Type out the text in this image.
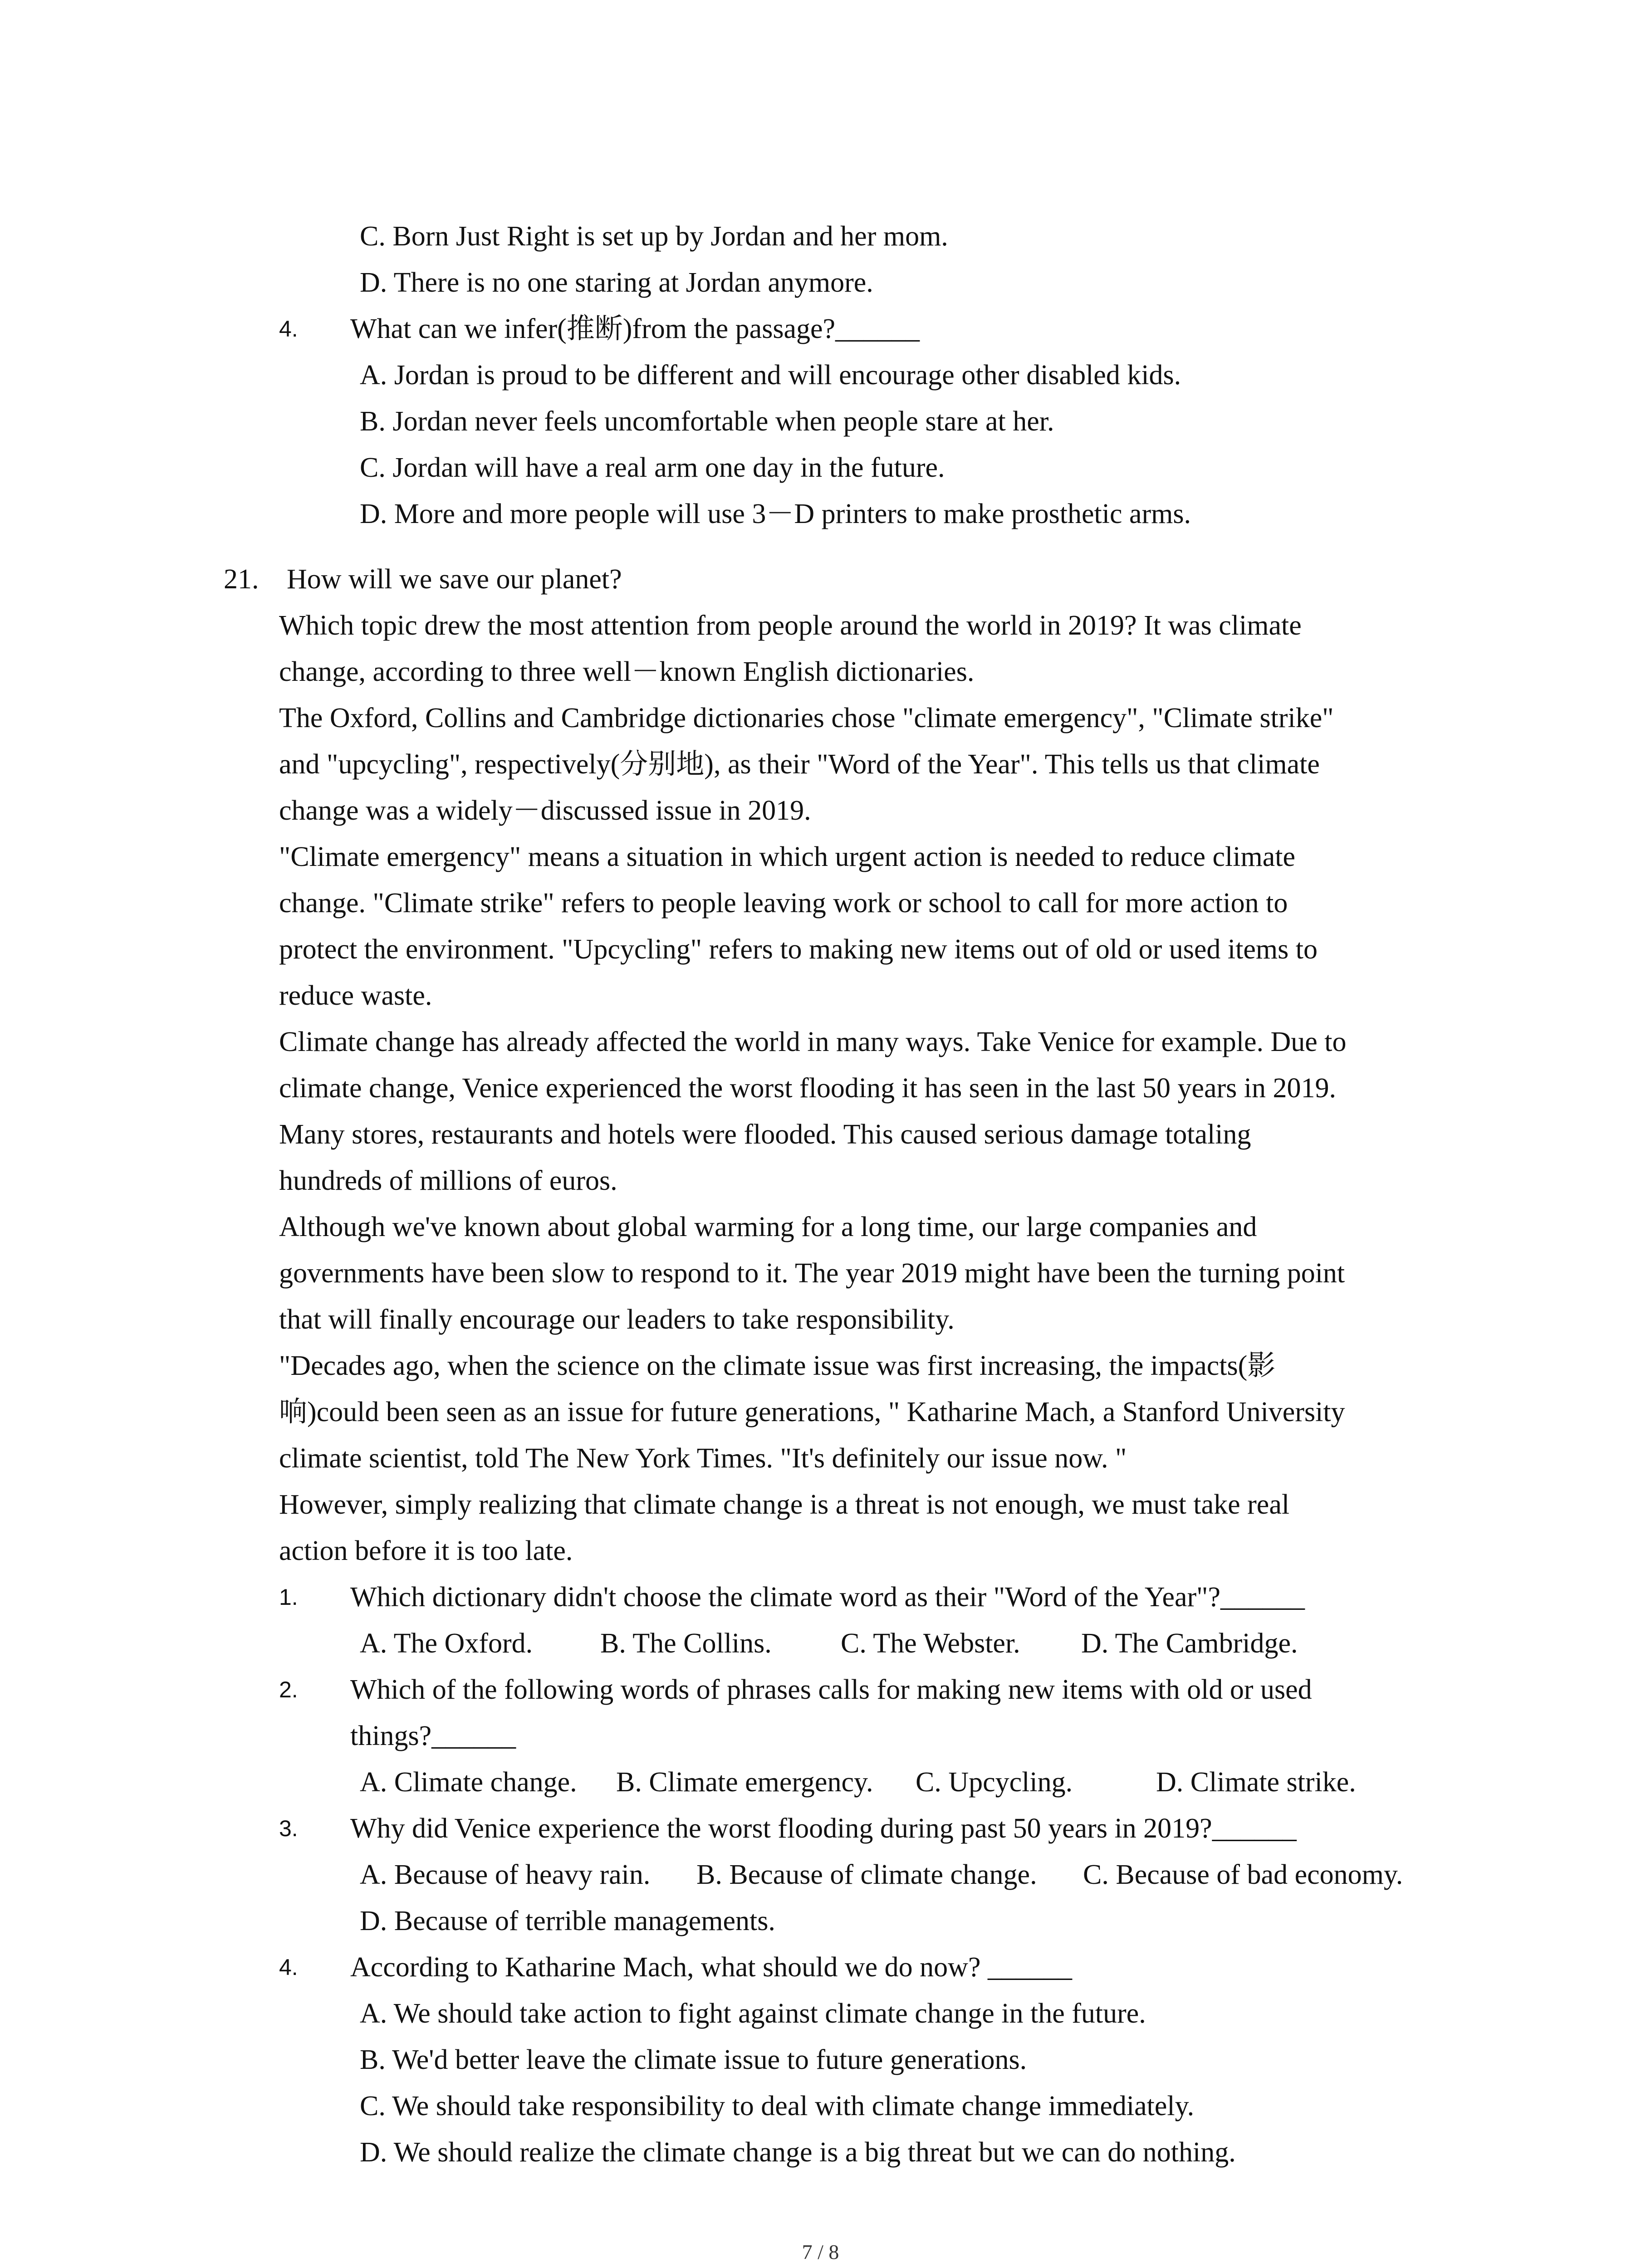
C. Born Just Right is set up by Jordan and her mom.
D. There is no one staring at Jordan anymore.
4. What can we infer(推断)from the passage?______
A. Jordan is proud to be different and will encourage other disabled kids.
B. Jordan never feels uncomfortable when people stare at her.
C. Jordan will have a real arm one day in the future.
D. More and more people will use 3－D printers to make prosthetic arms.
21. How will we save our planet?
Which topic drew the most attention from people around the world in 2019? It was climate
change, according to three well－known English dictionaries.
The Oxford, Collins and Cambridge dictionaries chose "climate emergency", "Climate strike"
and "upcycling", respectively(分别地), as their "Word of the Year". This tells us that climate
change was a widely－discussed issue in 2019.
"Climate emergency" means a situation in which urgent action is needed to reduce climate
change. "Climate strike" refers to people leaving work or school to call for more action to
protect the environment. "Upcycling" refers to making new items out of old or used items to
reduce waste.
Climate change has already affected the world in many ways. Take Venice for example. Due to
climate change, Venice experienced the worst flooding it has seen in the last 50 years in 2019.
Many stores, restaurants and hotels were flooded. This caused serious damage totaling
hundreds of millions of euros.
Although we've known about global warming for a long time, our large companies and
governments have been slow to respond to it. The year 2019 might have been the turning point
that will finally encourage our leaders to take responsibility.
"Decades ago, when the science on the climate issue was first increasing, the impacts(影
响)could been seen as an issue for future generations, " Katharine Mach, a Stanford University
climate scientist, told The New York Times. "It's definitely our issue now. "
However, simply realizing that climate change is a threat is not enough, we must take real
action before it is too late.
1. Which dictionary didn't choose the climate word as their "Word of the Year"?______
A. The Oxford. B. The Collins. C. The Webster. D. The Cambridge.
2. Which of the following words of phrases calls for making new items with old or used
things?______
A. Climate change. B. Climate emergency. C. Upcycling.	D. Climate strike.
3. Why did Venice experience the worst flooding during past 50 years in 2019?______
A. Because of heavy rain. B. Because of climate change. C. Because of bad economy.
D. Because of terrible managements.
4. According to Katharine Mach, what should we do now? ______
A. We should take action to fight against climate change in the future.
B. We'd better leave the climate issue to future generations.
C. We should take responsibility to deal with climate change immediately.
D. We should realize the climate change is a big threat but we can do nothing.
7 / 8
